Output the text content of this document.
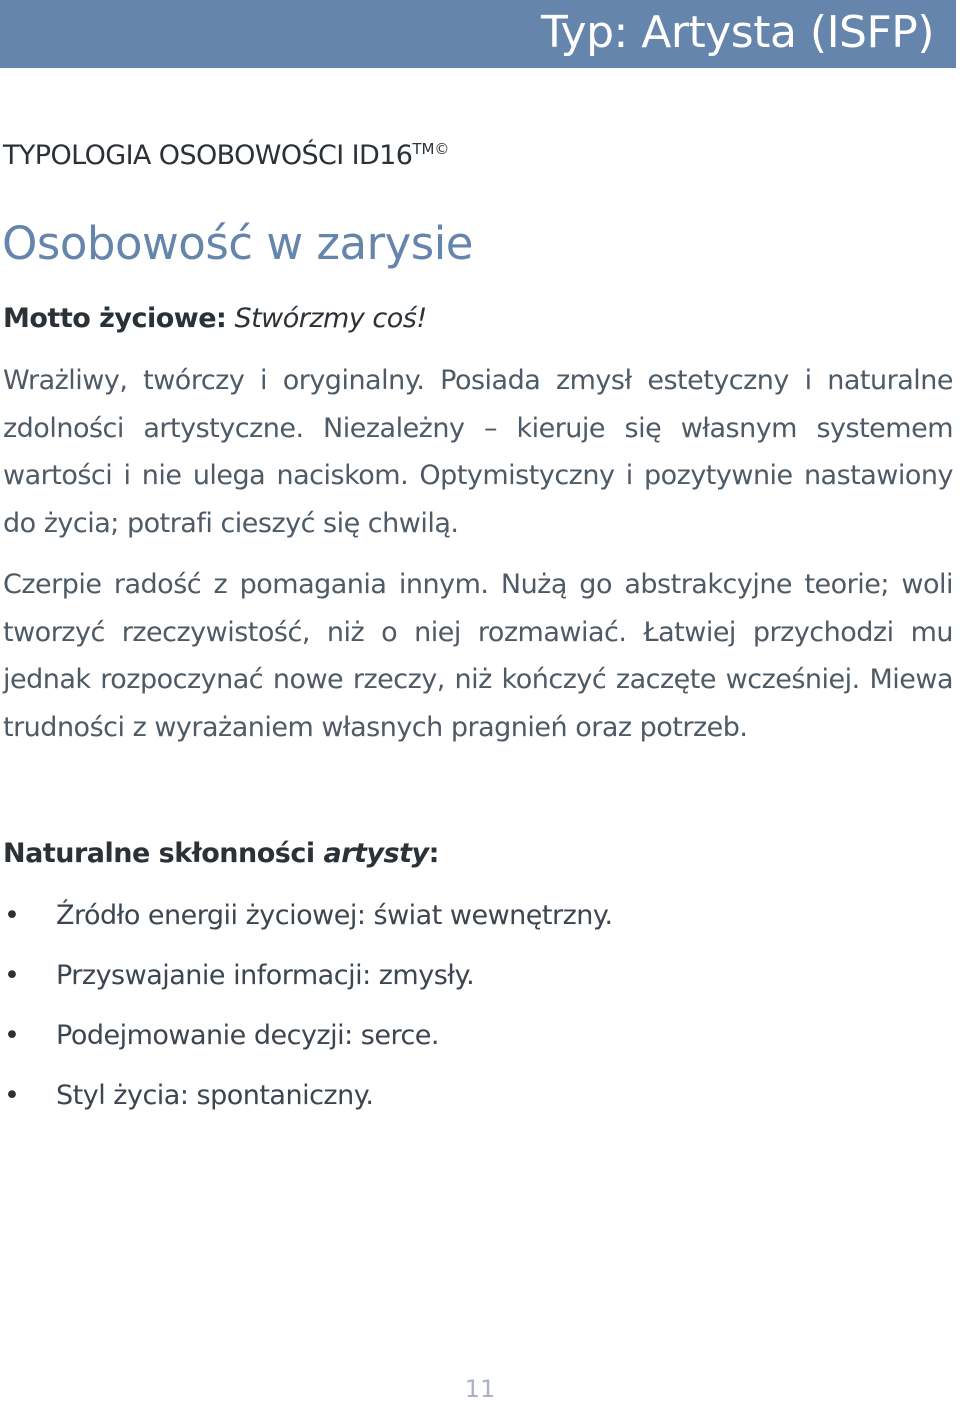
Typ: Artysta (ISFP)
TYPOLOGIA OSOBOWOŚCI $ID16^{TM©}$
Osobowość w zarysie
Motto życiowe: Stwórzmy coś!

Wrażliwy, twórczy i oryginalny. Posiada zmysł estetyczny i naturalne zdolności artystyczne. Niezależny – kieruje się własnym systemem wartości i nie ulega naciskom. Optymistyczny i pozytywnie nastawiony do życia; potrafi cieszyć się chwilą.

Czerpie radość z pomagania innym. Nużą go abstrakcyjne teorie; woli tworzyć rzeczywistość, niż o niej rozmawiać. Łatwiej przychodzi mu jednak rozpoczynać nowe rzeczy, niż kończyć zaczęte wcześniej. Miewa trudności z wyrażaniem własnych pragnień oraz potrzeb.

Naturalne skłonności artysty:
• Źródło energii życiowej: świat wewnętrzny.
• Przyswajanie informacji: zmysły.
• Podejmowanie decyzji: serce.
• Styl życia: spontaniczny.
11
